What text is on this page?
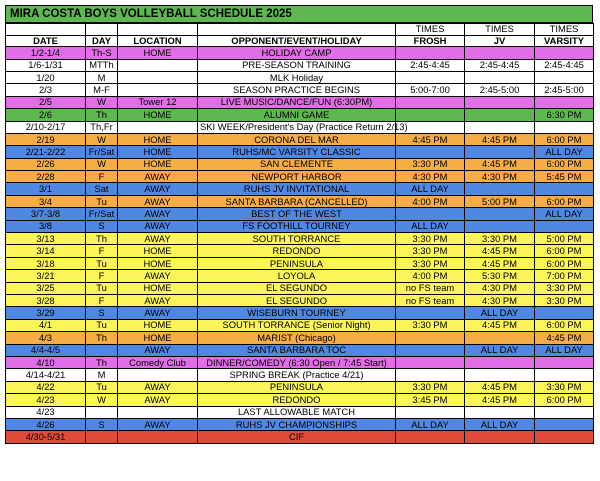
MIRA COSTA BOYS VOLLEYBALL SCHEDULE 2025
				TIMES	TIMES	TIMES
DATE	DAY	LOCATION	OPPONENT/EVENT/HOLIDAY	FROSH	JV	VARSITY
1/2-1/4	Th-S	HOME	HOLIDAY CAMP			
1/6-1/31	MTTh		PRE-SEASON TRAINING	2:45-4:45	2:45-4:45	2:45-4:45
1/20	M		MLK Holiday			
2/3	M-F		SEASON PRACTICE BEGINS	5:00-7:00	2:45-5:00	2:45-5:00
2/5	W	Tower 12	LIVE MUSIC/DANCE/FUN (6:30PM)			
2/6	Th	HOME	ALUMNI GAME			6:30 PM
2/10-2/17	Th,Fr		SKI WEEK/President's Day (Practice Return 2/13)			
2/19	W	HOME	CORONA DEL MAR	4:45 PM	4:45 PM	6:00 PM
2/21-2/22	Fr/Sat	HOME	RUHS/MC VARSITY CLASSIC			ALL DAY
2/26	W	HOME	SAN CLEMENTE	3:30 PM	4:45 PM	6:00 PM
2/28	F	AWAY	NEWPORT HARBOR	4:30 PM	4:30 PM	5:45 PM
3/1	Sat	AWAY	RUHS JV INVITATIONAL	ALL DAY		
3/4	Tu	AWAY	SANTA BARBARA (CANCELLED)	4:00 PM	5:00 PM	6:00 PM
3/7-3/8	Fr/Sat	AWAY	BEST OF THE WEST			ALL DAY
3/8	S	AWAY	FS FOOTHILL TOURNEY	ALL DAY		
3/13	Th	AWAY	SOUTH TORRANCE	3:30 PM	3:30 PM	5:00 PM
3/14	F	HOME	REDONDO	3:30 PM	4:45 PM	6:00 PM
3/18	Tu	HOME	PENINSULA	3:30 PM	4:45 PM	6:00 PM
3/21	F	AWAY	LOYOLA	4:00 PM	5:30 PM	7:00 PM
3/25	Tu	HOME	EL SEGUNDO	no FS team	4:30 PM	3:30 PM
3/28	F	AWAY	EL SEGUNDO	no FS team	4:30 PM	3:30 PM
3/29	S	AWAY	WISEBURN TOURNEY		ALL DAY	
4/1	Tu	HOME	SOUTH TORRANCE (Senior Night)	3:30 PM	4:45 PM	6:00 PM
4/3	Th	HOME	MARIST (Chicago)			4:45 PM
4/4-4/5		AWAY	SANTA BARBARA TOC		ALL DAY	ALL DAY
4/10	Th	Comedy Club	DINNER/COMEDY (6:30 Open / 7:45 Start)			
4/14-4/21	M		SPRING BREAK (Practice 4/21)			
4/22	Tu	AWAY	PENINSULA	3:30 PM	4:45 PM	3:30 PM
4/23	W	AWAY	REDONDO	3:45 PM	4:45 PM	6:00 PM
4/23			LAST ALLOWABLE MATCH			
4/26	S	AWAY	RUHS JV CHAMPIONSHIPS	ALL DAY	ALL DAY	
4/30-5/31			CIF			
